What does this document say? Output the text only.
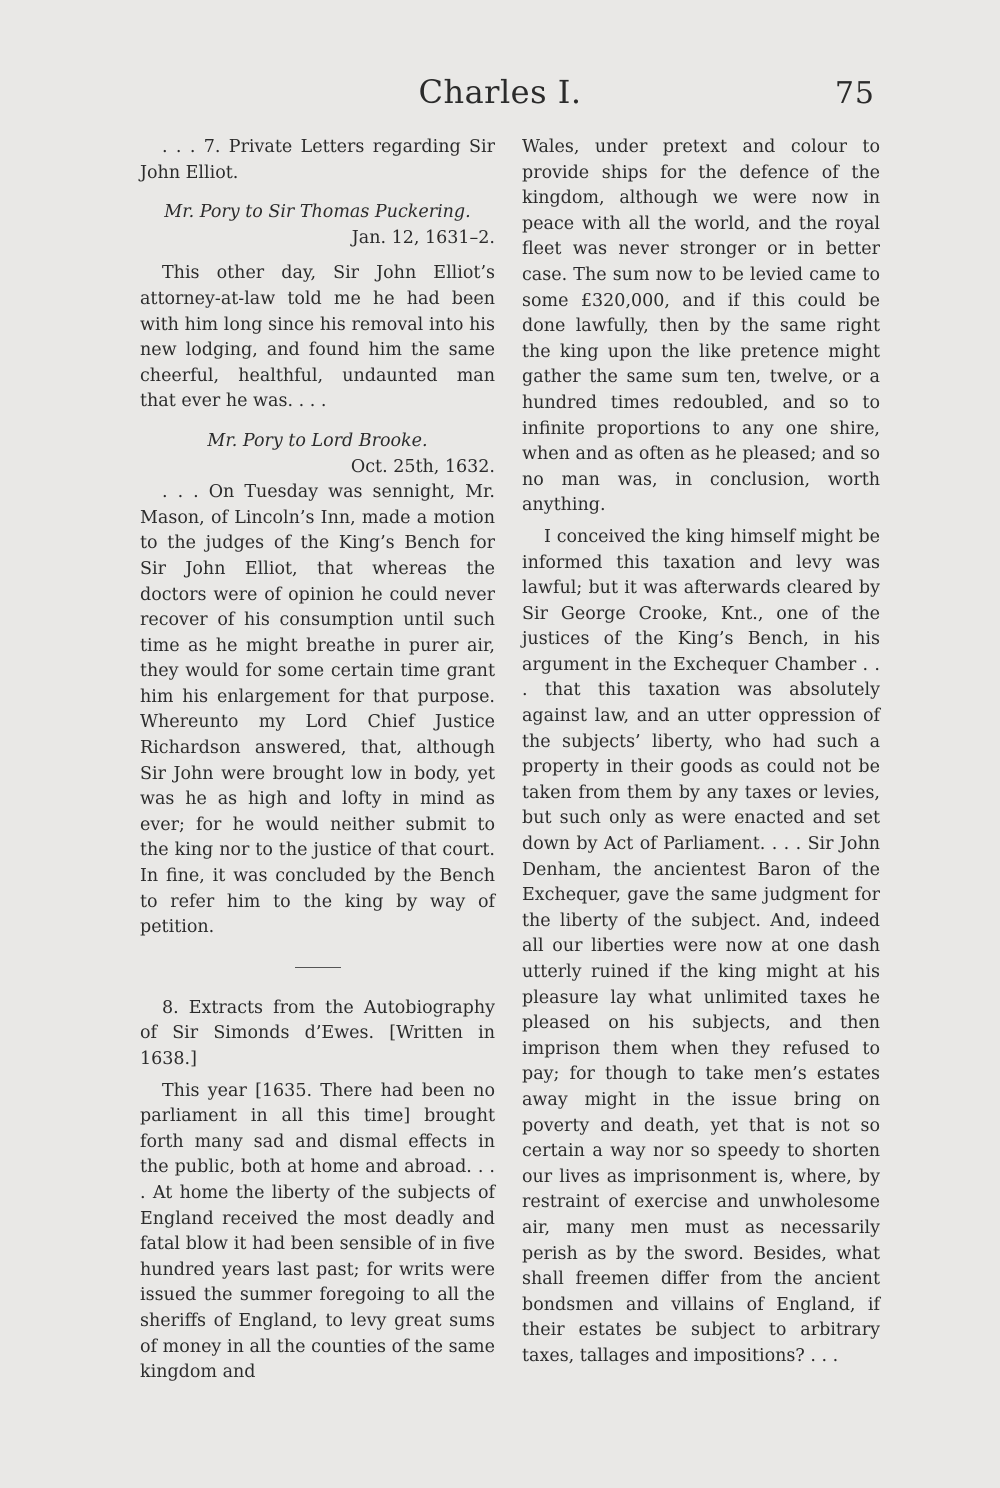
Charles I.	75

. . . 7. Private Letters regarding Sir John Elliot.

Mr. Pory to Sir Thomas Puckering.

Jan. 12, 1631–2.

This other day, Sir John Elliot’s attorney-at-law told me he had been with him long since his removal into his new lodging, and found him the same cheerful, healthful, undaunted man that ever he was. . . .

Mr. Pory to Lord Brooke.

Oct. 25th, 1632.

. . . On Tuesday was sennight, Mr. Mason, of Lincoln’s Inn, made a motion to the judges of the King’s Bench for Sir John Elliot, that whereas the doctors were of opinion he could never recover of his consumption until such time as he might breathe in purer air, they would for some certain time grant him his enlargement for that purpose. Whereunto my Lord Chief Justice Richardson answered, that, although Sir John were brought low in body, yet was he as high and lofty in mind as ever; for he would neither submit to the king nor to the justice of that court. In fine, it was concluded by the Bench to refer him to the king by way of petition.

8. Extracts from the Autobiography of Sir Simonds d’Ewes. [Written in 1638.]

This year [1635. There had been no parliament in all this time] brought forth many sad and dismal effects in the public, both at home and abroad. . . . At home the liberty of the subjects of England received the most deadly and fatal blow it had been sensible of in five hundred years last past; for writs were issued the summer foregoing to all the sheriffs of England, to levy great sums of money in all the counties of the same kingdom and

Wales, under pretext and colour to provide ships for the defence of the kingdom, although we were now in peace with all the world, and the royal fleet was never stronger or in better case. The sum now to be levied came to some £320,000, and if this could be done lawfully, then by the same right the king upon the like pretence might gather the same sum ten, twelve, or a hundred times redoubled, and so to infinite proportions to any one shire, when and as often as he pleased; and so no man was, in conclusion, worth anything.

I conceived the king himself might be informed this taxation and levy was lawful; but it was afterwards cleared by Sir George Crooke, Knt., one of the justices of the King’s Bench, in his argument in the Exchequer Chamber . . . that this taxation was absolutely against law, and an utter oppression of the subjects’ liberty, who had such a property in their goods as could not be taken from them by any taxes or levies, but such only as were enacted and set down by Act of Parliament. . . . Sir John Denham, the ancientest Baron of the Exchequer, gave the same judgment for the liberty of the subject. And, indeed all our liberties were now at one dash utterly ruined if the king might at his pleasure lay what unlimited taxes he pleased on his subjects, and then imprison them when they refused to pay; for though to take men’s estates away might in the issue bring on poverty and death, yet that is not so certain a way nor so speedy to shorten our lives as imprisonment is, where, by restraint of exercise and unwholesome air, many men must as necessarily perish as by the sword. Besides, what shall freemen differ from the ancient bondsmen and villains of England, if their estates be subject to arbitrary taxes, tallages and impositions? . . .
